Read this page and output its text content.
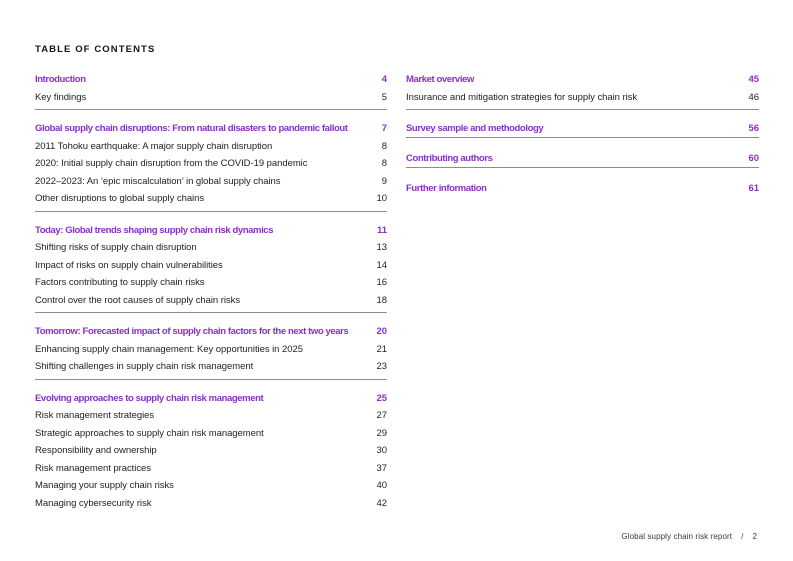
TABLE OF CONTENTS
Introduction	4
Key findings	5
Global supply chain disruptions: From natural disasters to pandemic fallout	7
2011 Tohoku earthquake: A major supply chain disruption	8
2020: Initial supply chain disruption from the COVID-19 pandemic	8
2022–2023: An ‘epic miscalculation’ in global supply chains	9
Other disruptions to global supply chains	10
Today: Global trends shaping supply chain risk dynamics	11
Shifting risks of supply chain disruption	13
Impact of risks on supply chain vulnerabilities	14
Factors contributing to supply chain risks	16
Control over the root causes of supply chain risks	18
Tomorrow: Forecasted impact of supply chain factors for the next two years	20
Enhancing supply chain management: Key opportunities in 2025	21
Shifting challenges in supply chain risk management	23
Evolving approaches to supply chain risk management	25
Risk management strategies	27
Strategic approaches to supply chain risk management	29
Responsibility and ownership	30
Risk management practices	37
Managing your supply chain risks	40
Managing cybersecurity risk	42
Market overview	45
Insurance and mitigation strategies for supply chain risk	46
Survey sample and methodology	56
Contributing authors	60
Further information	61
Global supply chain risk report / 2
